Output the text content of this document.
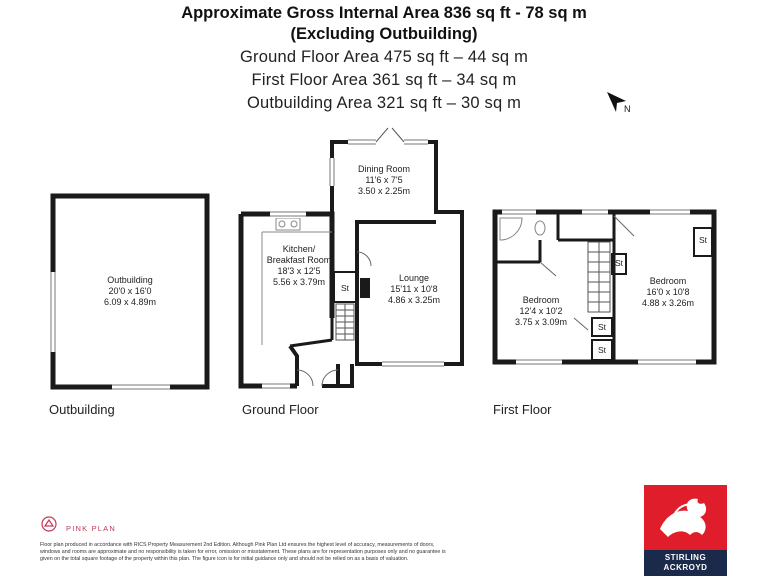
Approximate Gross Internal Area 836 sq ft - 78 sq m
(Excluding Outbuilding)
Ground Floor Area 475 sq ft – 44 sq m
First Floor Area 361 sq ft – 34 sq m
Outbuilding Area 321 sq ft – 30 sq m
Outbuilding
20'0 x 16'0
6.09 x 4.89m
Dining Room
11'6 x 7'5
3.50 x 2.25m
Kitchen/
Breakfast Room
18'3 x 12'5
5.56 x 3.79m	Lounge
15'11 x 10'8
4.86 x 3.25m
St
Bedroom
12'4 x 10'2
3.75 x 3.09m
Bedroom
16'0 x 10'8
4.88 x 3.26m
St
St
St
St
N
Outbuilding	Ground Floor	First Floor
PINK PLAN
Floor plan produced in accordance with RICS Property Measurement 2nd Edition. Although Pink Plan Ltd ensures the highest level of accuracy, measurements of doors, windows and rooms are approximate and no responsibility is taken for error, omission or misstatement. These plans are for representation purposes only and no guarantee is given on the total square footage of the property within this plan. The figure icon is for initial guidance only and should not be relied on as a basis of valuation.	STIRLING
ACKROYD
